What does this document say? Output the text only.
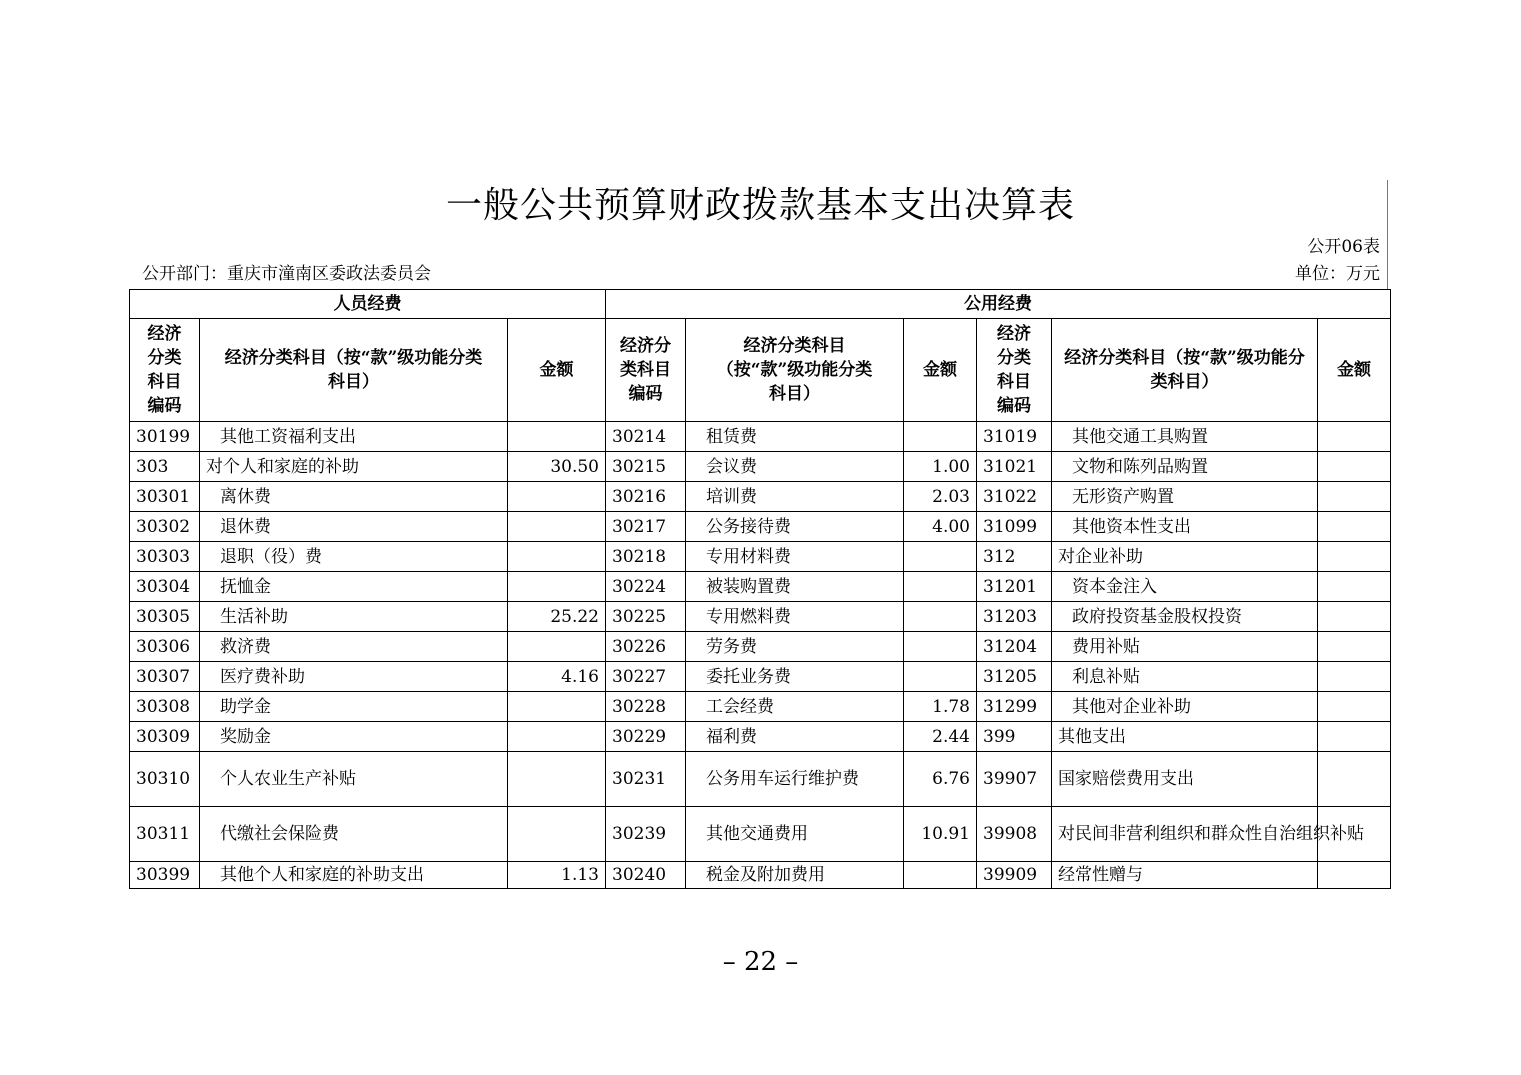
一般公共预算财政拨款基本支出决算表
公开06表
公开部门：重庆市潼南区委政法委员会	单位：万元
人员经费			公用经费					
经济分类科目编码	经济分类科目（按“款”级功能分类科目）	金额	经济分类科目编码	经济分类科目（按“款”级功能分类科目）	金额	经济分类科目编码	经济分类科目（按“款”级功能分类科目）	金额
30199	其他工资福利支出		30214	租赁费		31019	其他交通工具购置	
303	对个人和家庭的补助	30.50	30215	会议费	1.00	31021	文物和陈列品购置	
30301	离休费		30216	培训费	2.03	31022	无形资产购置	
30302	退休费		30217	公务接待费	4.00	31099	其他资本性支出	
30303	退职（役）费		30218	专用材料费		312	对企业补助	
30304	抚恤金		30224	被装购置费		31201	资本金注入	
30305	生活补助	25.22	30225	专用燃料费		31203	政府投资基金股权投资	
30306	救济费		30226	劳务费		31204	费用补贴	
30307	医疗费补助	4.16	30227	委托业务费		31205	利息补贴	
30308	助学金		30228	工会经费	1.78	31299	其他对企业补助	
30309	奖励金		30229	福利费	2.44	399	其他支出	
30310	个人农业生产补贴		30231	公务用车运行维护费	6.76	39907	国家赔偿费用支出	
30311	代缴社会保险费		30239	其他交通费用	10.91	39908	对民间非营利组织和群众性自治组织补贴	
30399	其他个人和家庭的补助支出	1.13	30240	税金及附加费用		39909	经常性赠与	
– 22 –
